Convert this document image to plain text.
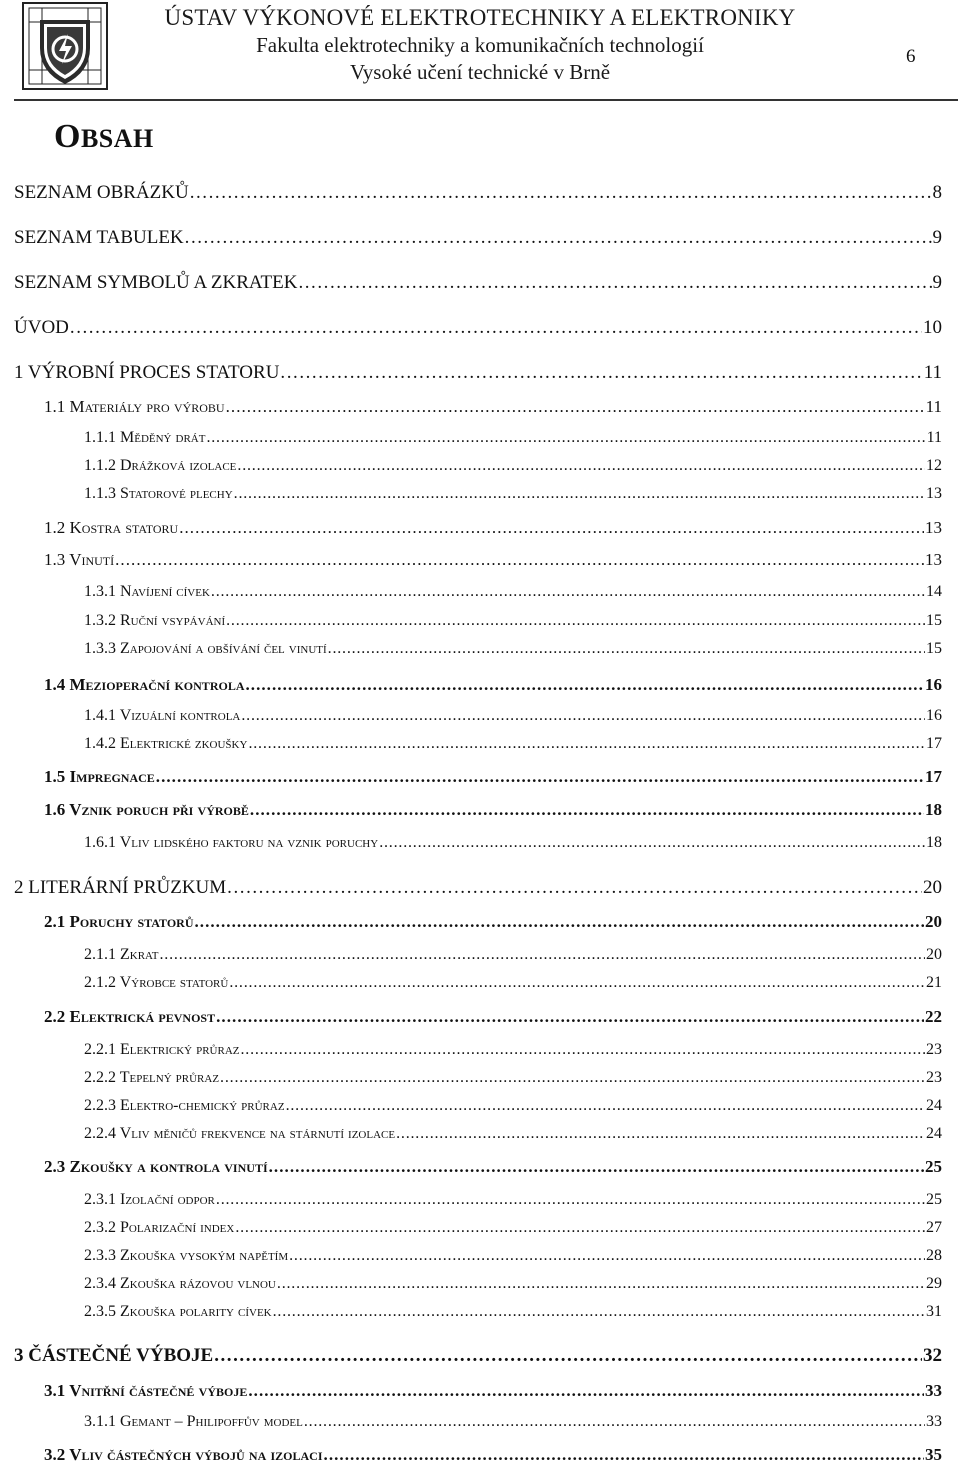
ÚSTAV VÝKONOVÉ ELEKTROTECHNIKY A ELEKTRONIKY
Fakulta elektrotechniky a komunikačních technologií
Vysoké učení technické v Brně
6
OBSAH
SEZNAM OBRÁZKŮ . . .	8
SEZNAM TABULEK . . .	9
SEZNAM SYMBOLŮ A ZKRATEK . . .	9
ÚVOD . . .	10
1 VÝROBNÍ PROCES STATORU . . .	11
1.1 Materiály pro výrobu . . .	11
1.1.1 Měděný drát . . .	11
1.1.2 Drážková izolace . . .	12
1.1.3 Statorové plechy . . .	13
1.2 Kostra statoru . . .	13
1.3 Vinutí . . .	13
1.3.1 Navíjení cívek . . .	14
1.3.2 Ruční vsypávání . . .	15
1.3.3 Zapojování a obšívání čel vinutí . . .	15
1.4 Mezioperační kontrola . . .	16
1.4.1 Vizuální kontrola . . .	16
1.4.2 Elektrické zkoušky . . .	17
1.5 Impregnace . . .	17
1.6 Vznik poruch při výrobě . . .	18
1.6.1 Vliv lidského faktoru na vznik poruchy . . .	18
2 LITERÁRNÍ PRŮZKUM . . .	20
2.1 Poruchy statorů . . .	20
2.1.1 Zkrat . . .	20
2.1.2 Výrobce statorů . . .	21
2.2 Elektrická pevnost . . .	22
2.2.1 Elektrický průraz . . .	23
2.2.2 Tepelný průraz . . .	23
2.2.3 Elektro-chemický průraz . . .	24
2.2.4 Vliv měničů frekvence na stárnutí izolace . . .	24
2.3 Zkoušky a kontrola vinutí . . .	25
2.3.1 Izolační odpor . . .	25
2.3.2 Polarizační index . . .	27
2.3.3 Zkouška vysokým napětím . . .	28
2.3.4 Zkouška rázovou vlnou . . .	29
2.3.5 Zkouška polarity cívek . . .	31
3 ČÁSTEČNÉ VÝBOJE . . .	32
3.1 Vnitřní částečné výboje . . .	33
3.1.1 Gemant – Philipoffův model . . .	33
3.2 Vliv částečných výbojů na izolaci . . .	35
